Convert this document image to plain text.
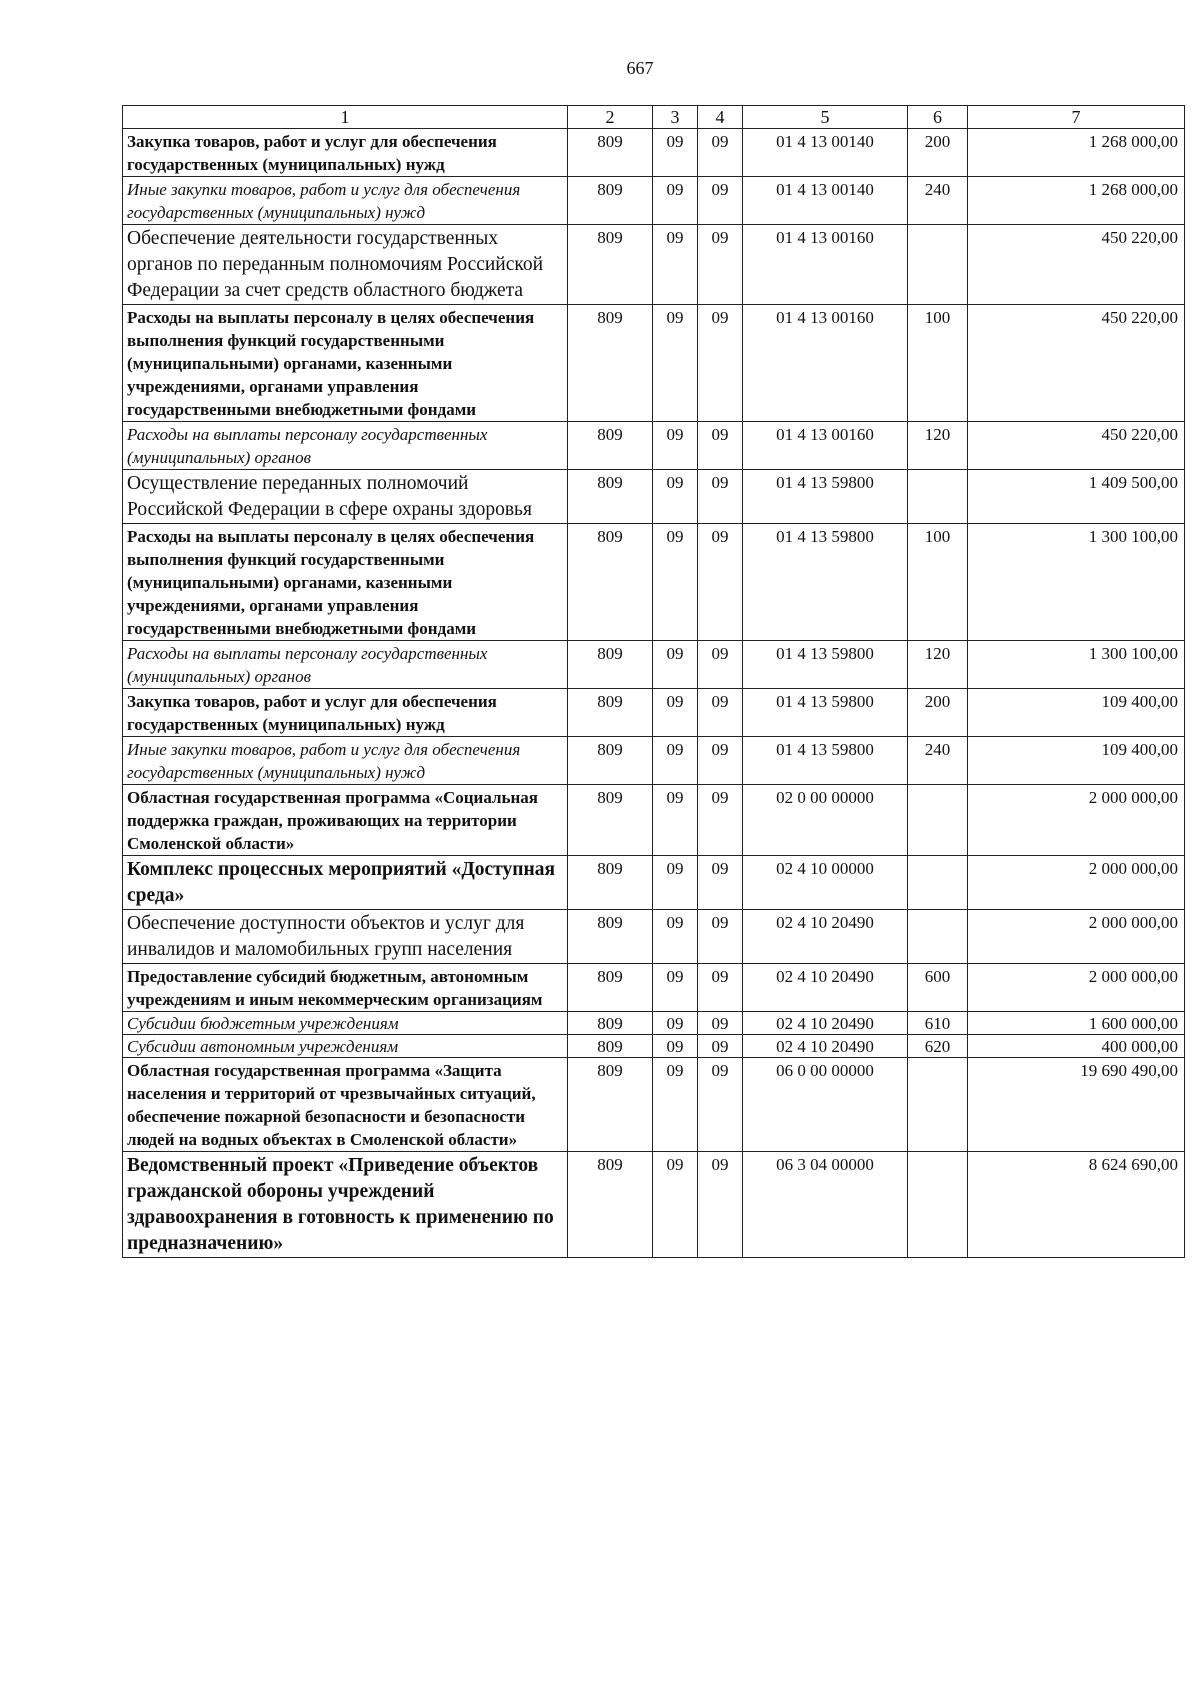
667
1	2	3	4	5	6	7
Закупка товаров, работ и услуг для обеспечения государственных (муниципальных) нужд	809	09	09	01 4 13 00140	200	1 268 000,00
Иные закупки товаров, работ и услуг для обеспечения государственных (муниципальных) нужд	809	09	09	01 4 13 00140	240	1 268 000,00
Обеспечение деятельности государственных органов по переданным полномочиям Российской Федерации за счет средств областного бюджета	809	09	09	01 4 13 00160		450 220,00
Расходы на выплаты персоналу в целях обеспечения выполнения функций государственными (муниципальными) органами, казенными учреждениями, органами управления государственными внебюджетными фондами	809	09	09	01 4 13 00160	100	450 220,00
Расходы на выплаты персоналу государственных (муниципальных) органов	809	09	09	01 4 13 00160	120	450 220,00
Осуществление переданных полномочий Российской Федерации в сфере охраны здоровья	809	09	09	01 4 13 59800		1 409 500,00
Расходы на выплаты персоналу в целях обеспечения выполнения функций государственными (муниципальными) органами, казенными учреждениями, органами управления государственными внебюджетными фондами	809	09	09	01 4 13 59800	100	1 300 100,00
Расходы на выплаты персоналу государственных (муниципальных) органов	809	09	09	01 4 13 59800	120	1 300 100,00
Закупка товаров, работ и услуг для обеспечения государственных (муниципальных) нужд	809	09	09	01 4 13 59800	200	109 400,00
Иные закупки товаров, работ и услуг для обеспечения государственных (муниципальных) нужд	809	09	09	01 4 13 59800	240	109 400,00
Областная государственная программа «Социальная поддержка граждан, проживающих на территории Смоленской области»	809	09	09	02 0 00 00000		2 000 000,00
Комплекс процессных мероприятий «Доступная среда»	809	09	09	02 4 10 00000		2 000 000,00
Обеспечение доступности объектов и услуг для инвалидов и маломобильных групп населения	809	09	09	02 4 10 20490		2 000 000,00
Предоставление субсидий бюджетным, автономным учреждениям и иным некоммерческим организациям	809	09	09	02 4 10 20490	600	2 000 000,00
Субсидии бюджетным учреждениям	809	09	09	02 4 10 20490	610	1 600 000,00
Субсидии автономным учреждениям	809	09	09	02 4 10 20490	620	400 000,00
Областная государственная программа «Защита населения и территорий от чрезвычайных ситуаций, обеспечение пожарной безопасности и безопасности людей на водных объектах в Смоленской области»	809	09	09	06 0 00 00000		19 690 490,00
Ведомственный проект «Приведение объектов гражданской обороны учреждений здравоохранения в готовность к применению по предназначению»	809	09	09	06 3 04 00000		8 624 690,00
